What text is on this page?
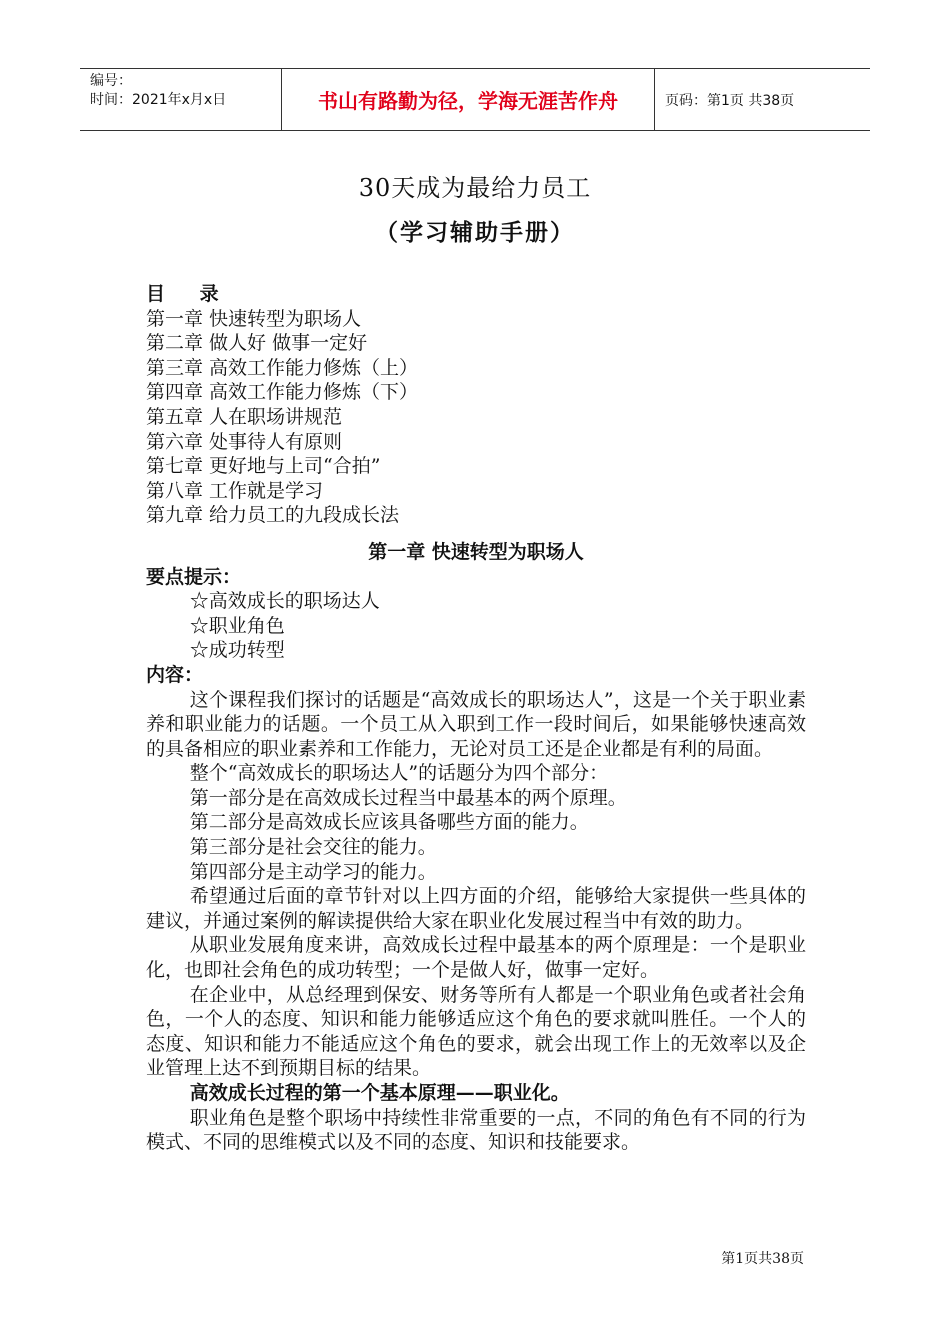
编号：
时间：2021年x月x日	书山有路勤为径，学海无涯苦作舟	页码：第1页 共38页
30天成为最给力员工
（学习辅助手册）
目 录
第一章 快速转型为职场人
第二章 做人好 做事一定好
第三章 高效工作能力修炼（上）
第四章 高效工作能力修炼（下）
第五章 人在职场讲规范
第六章 处事待人有原则
第七章 更好地与上司“合拍”
第八章 工作就是学习
第九章 给力员工的九段成长法
第一章 快速转型为职场人
要点提示：
☆高效成长的职场达人
☆职业角色
☆成功转型
内容：

这个课程我们探讨的话题是“高效成长的职场达人”，这是一个关于职业素养和职业能力的话题。一个员工从入职到工作一段时间后，如果能够快速高效的具备相应的职业素养和工作能力，无论对员工还是企业都是有利的局面。

整个“高效成长的职场达人”的话题分为四个部分：

第一部分是在高效成长过程当中最基本的两个原理。

第二部分是高效成长应该具备哪些方面的能力。

第三部分是社会交往的能力。

第四部分是主动学习的能力。

希望通过后面的章节针对以上四方面的介绍，能够给大家提供一些具体的建议，并通过案例的解读提供给大家在职业化发展过程当中有效的助力。

从职业发展角度来讲，高效成长过程中最基本的两个原理是：一个是职业化，也即社会角色的成功转型；一个是做人好，做事一定好。

在企业中，从总经理到保安、财务等所有人都是一个职业角色或者社会角色，一个人的态度、知识和能力能够适应这个角色的要求就叫胜任。一个人的态度、知识和能力不能适应这个角色的要求，就会出现工作上的无效率以及企业管理上达不到预期目标的结果。

高效成长过程的第一个基本原理——职业化。

职业角色是整个职场中持续性非常重要的一点，不同的角色有不同的行为模式、不同的思维模式以及不同的态度、知识和技能要求。

第1页共38页
